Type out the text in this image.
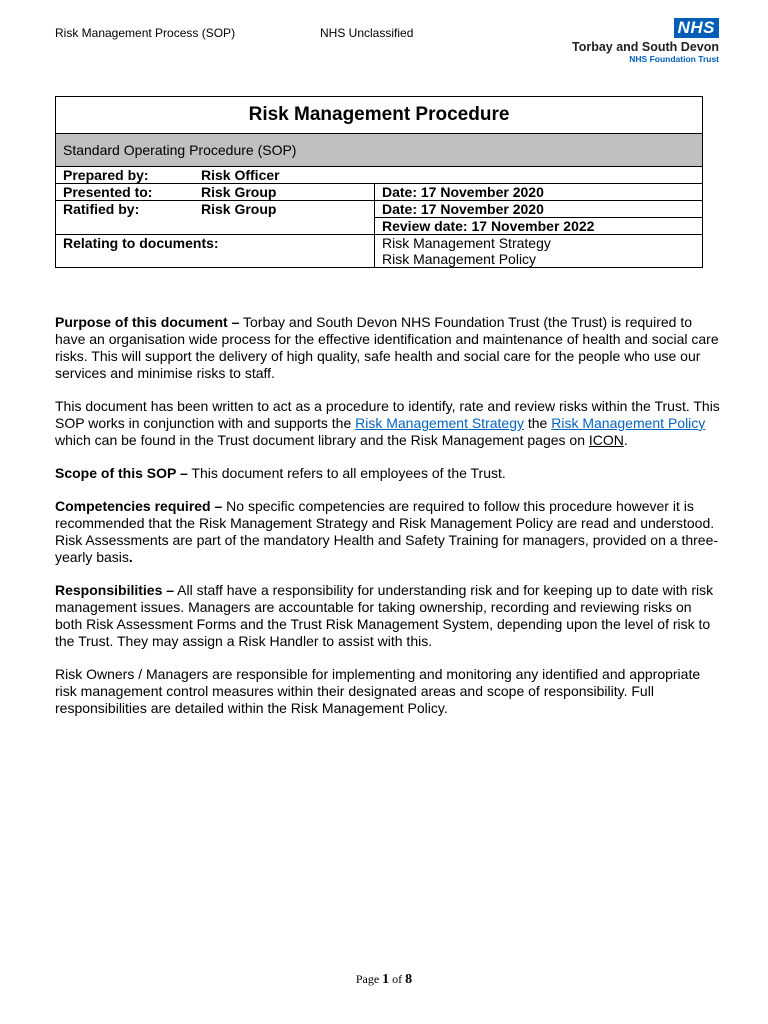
Risk Management Process (SOP)	NHS Unclassified	NHS
Torbay and South Devon
NHS Foundation Trust
Risk Management Procedure		
Standard Operating Procedure (SOP)		
Prepared by:	Risk Officer	
Presented to:	Risk Group	Date: 17 November 2020
Ratified by:	Risk Group	Date: 17 November 2020
		Review date: 17 November 2022
Relating to documents:		Risk Management Strategy
Risk Management Policy

Purpose of this document – Torbay and South Devon NHS Foundation Trust (the Trust) is required to have an organisation wide process for the effective identification and maintenance of health and social care risks. This will support the delivery of high quality, safe health and social care for the people who use our services and minimise risks to staff.

This document has been written to act as a procedure to identify, rate and review risks within the Trust. This SOP works in conjunction with and supports the Risk Management Strategy the Risk Management Policy which can be found in the Trust document library and the Risk Management pages on ICON.

Scope of this SOP – This document refers to all employees of the Trust.

Competencies required – No specific competencies are required to follow this procedure however it is recommended that the Risk Management Strategy and Risk Management Policy are read and understood. Risk Assessments are part of the mandatory Health and Safety Training for managers, provided on a three-yearly basis.

Responsibilities – All staff have a responsibility for understanding risk and for keeping up to date with risk management issues. Managers are accountable for taking ownership, recording and reviewing risks on both Risk Assessment Forms and the Trust Risk Management System, depending upon the level of risk to the Trust. They may assign a Risk Handler to assist with this.

Risk Owners / Managers are responsible for implementing and monitoring any identified and appropriate risk management control measures within their designated areas and scope of responsibility. Full responsibilities are detailed within the Risk Management Policy.

Page 1 of 8
